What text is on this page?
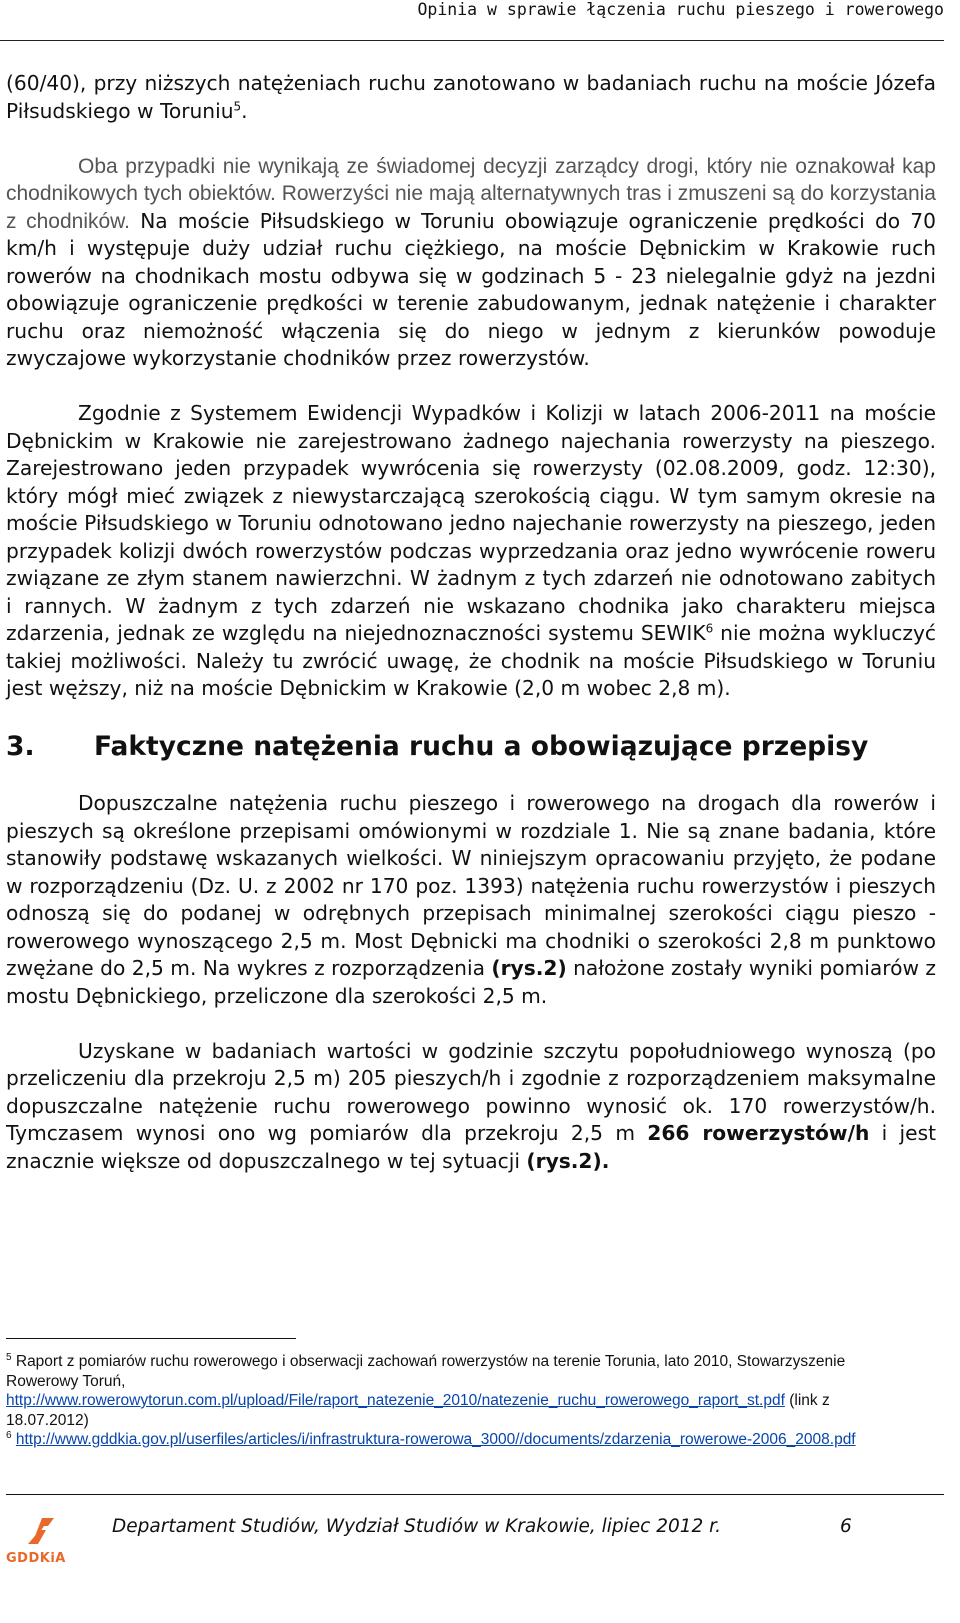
Opinia w sprawie łączenia ruchu pieszego i rowerowego

(60/40), przy niższych natężeniach ruchu zanotowano w badaniach ruchu na moście Józefa Piłsudskiego w Toruniu$^5$.

Oba przypadki nie wynikają ze świadomej decyzji zarządcy drogi, który nie oznakował kap chodnikowych tych obiektów. Rowerzyści nie mają alternatywnych tras i zmuszeni są do korzystania z chodników. Na moście Piłsudskiego w Toruniu obowiązuje ograniczenie prędkości do 70 km/h i występuje duży udział ruchu ciężkiego, na moście Dębnickim w Krakowie ruch rowerów na chodnikach mostu odbywa się w godzinach 5 - 23 nielegalnie gdyż na jezdni obowiązuje ograniczenie prędkości w terenie zabudowanym, jednak natężenie i charakter ruchu oraz niemożność włączenia się do niego w jednym z kierunków powoduje zwyczajowe wykorzystanie chodników przez rowerzystów.

Zgodnie z Systemem Ewidencji Wypadków i Kolizji w latach 2006-2011 na moście Dębnickim w Krakowie nie zarejestrowano żadnego najechania rowerzysty na pieszego. Zarejestrowano jeden przypadek wywrócenia się rowerzysty (02.08.2009, godz. 12:30), który mógł mieć związek z niewystarczającą szerokością ciągu. W tym samym okresie na moście Piłsudskiego w Toruniu odnotowano jedno najechanie rowerzysty na pieszego, jeden przypadek kolizji dwóch rowerzystów podczas wyprzedzania oraz jedno wywrócenie roweru związane ze złym stanem nawierzchni. W żadnym z tych zdarzeń nie odnotowano zabitych i rannych. W żadnym z tych zdarzeń nie wskazano chodnika jako charakteru miejsca zdarzenia, jednak ze względu na niejednoznaczności systemu SEWIK$^6$ nie można wykluczyć takiej możliwości. Należy tu zwrócić uwagę, że chodnik na moście Piłsudskiego w Toruniu jest węższy, niż na moście Dębnickim w Krakowie (2,0 m wobec 2,8 m).

3. Faktyczne natężenia ruchu a obowiązujące przepisy

Dopuszczalne natężenia ruchu pieszego i rowerowego na drogach dla rowerów i pieszych są określone przepisami omówionymi w rozdziale 1. Nie są znane badania, które stanowiły podstawę wskazanych wielkości. W niniejszym opracowaniu przyjęto, że podane w rozporządzeniu (Dz. U. z 2002 nr 170 poz. 1393) natężenia ruchu rowerzystów i pieszych odnoszą się do podanej w odrębnych przepisach minimalnej szerokości ciągu pieszo - rowerowego wynoszącego 2,5 m. Most Dębnicki ma chodniki o szerokości 2,8 m punktowo zwężane do 2,5 m. Na wykres z rozporządzenia (rys.2) nałożone zostały wyniki pomiarów z mostu Dębnickiego, przeliczone dla szerokości 2,5 m.

Uzyskane w badaniach wartości w godzinie szczytu popołudniowego wynoszą (po przeliczeniu dla przekroju 2,5 m) 205 pieszych/h i zgodnie z rozporządzeniem maksymalne dopuszczalne natężenie ruchu rowerowego powinno wynosić ok. 170 rowerzystów/h. Tymczasem wynosi ono wg pomiarów dla przekroju 2,5 m 266 rowerzystów/h i jest znacznie większe od dopuszczalnego w tej sytuacji (rys.2).

$^5$ Raport z pomiarów ruchu rowerowego i obserwacji zachowań rowerzystów na terenie Torunia, lato 2010, Stowarzyszenie Rowerowy Toruń,
http://www.rowerowytorun.com.pl/upload/File/raport_natezenie_2010/natezenie_ruchu_rowerowego_raport_st.pdf (link z 18.07.2012)

$^6$ http://www.gddkia.gov.pl/userfiles/articles/i/infrastruktura-rowerowa_3000//documents/zdarzenia_rowerowe-2006_2008.pdf

GDDKiA
Departament Studiów, Wydział Studiów w Krakowie, lipiec 2012 r.	6
